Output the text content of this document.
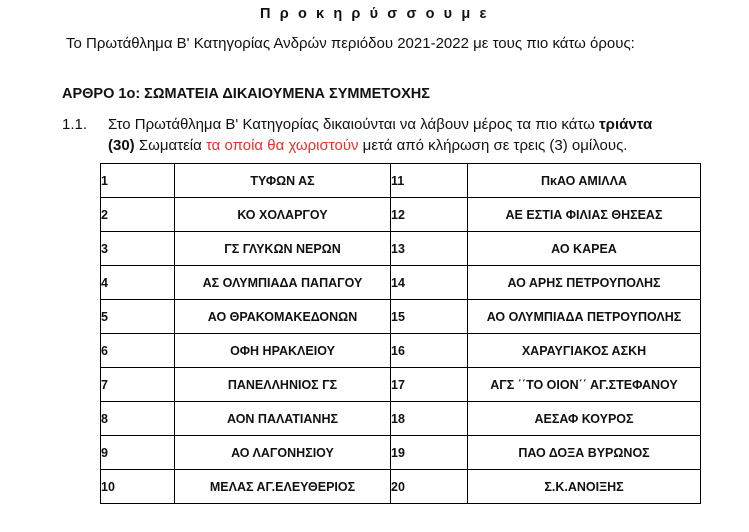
Π ρ ο κ η ρ ύ σ σ ο υ μ ε
Το Πρωτάθλημα Β' Κατηγορίας Ανδρών περιόδου 2021-2022 με τους πιο κάτω όρους:
ΑΡΘΡΟ 1ο: ΣΩΜΑΤΕΙΑ ΔΙΚΑΙΟΥΜΕΝΑ ΣΥΜΜΕΤΟΧΗΣ
1.1. Στο Πρωτάθλημα Β' Κατηγορίας δικαιούνται να λάβουν μέρος τα πιο κάτω τριάντα
(30) Σωματεία τα οποία θα χωριστούν μετά από κλήρωση σε τρεις (3) ομίλους.
1	ΤΥΦΩΝ ΑΣ	11	ΠκΑΟ ΑΜΙΛΛΑ
2	ΚΟ ΧΟΛΑΡΓΟΥ	12	ΑΕ ΕΣΤΙΑ ΦΙΛΙΑΣ ΘΗΣΕΑΣ
3	ΓΣ ΓΛΥΚΩΝ ΝΕΡΩΝ	13	ΑΟ ΚΑΡΕΑ
4	ΑΣ ΟΛΥΜΠΙΑΔΑ ΠΑΠΑΓΟΥ	14	ΑΟ ΑΡΗΣ ΠΕΤΡΟΥΠΟΛΗΣ
5	ΑΟ ΘΡΑΚΟΜΑΚΕΔΟΝΩΝ	15	ΑΟ ΟΛΥΜΠΙΑΔΑ ΠΕΤΡΟΥΠΟΛΗΣ
6	ΟΦΗ ΗΡΑΚΛΕΙΟΥ	16	ΧΑΡΑΥΓΙΑΚΟΣ ΑΣΚΗ
7	ΠΑΝΕΛΛΗΝΙΟΣ ΓΣ	17	ΑΓΣ ΄΄ΤΟ ΟΙΟΝ΄΄ ΑΓ.ΣΤΕΦΑΝΟΥ
8	ΑΟΝ ΠΑΛΑΤΙΑΝΗΣ	18	ΑΕΣΑΦ ΚΟΥΡΟΣ
9	ΑΟ ΛΑΓΟΝΗΣΙΟΥ	19	ΠΑΟ ΔΟΞΑ ΒΥΡΩΝΟΣ
10	ΜΕΛΑΣ ΑΓ.ΕΛΕΥΘΕΡΙΟΣ	20	Σ.Κ.ΑΝΟΙΞΗΣ
